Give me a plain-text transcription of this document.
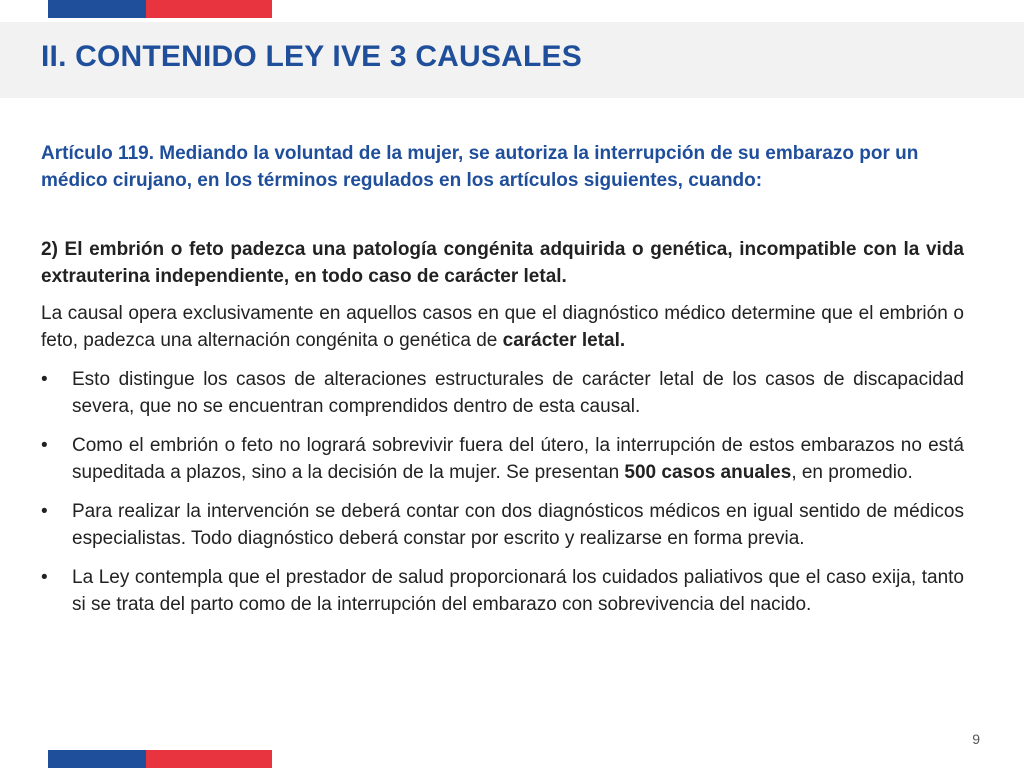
II. CONTENIDO LEY IVE 3 CAUSALES
Artículo 119. Mediando la voluntad de la mujer, se autoriza la interrupción de su embarazo por un médico cirujano, en los términos regulados en los artículos siguientes, cuando:

2) El embrión o feto padezca una patología congénita adquirida o genética, incompatible con la vida extrauterina independiente, en todo caso de carácter letal.

La causal opera exclusivamente en aquellos casos en que el diagnóstico médico determine que el embrión o feto, padezca una alternación congénita o genética de carácter letal.

•	Esto distingue los casos de alteraciones estructurales de carácter letal de los casos de discapacidad severa, que no se encuentran comprendidos dentro de esta causal.
•	Como el embrión o feto no logrará sobrevivir fuera del útero, la interrupción de estos embarazos no está supeditada a plazos, sino a la decisión de la mujer. Se presentan 500 casos anuales, en promedio.
•	Para realizar la intervención se deberá contar con dos diagnósticos médicos en igual sentido de médicos especialistas. Todo diagnóstico deberá constar por escrito y realizarse en forma previa.
•	La Ley contempla que el prestador de salud proporcionará los cuidados paliativos que el caso exija, tanto si se trata del parto como de la interrupción del embarazo con sobrevivencia del nacido.
9
